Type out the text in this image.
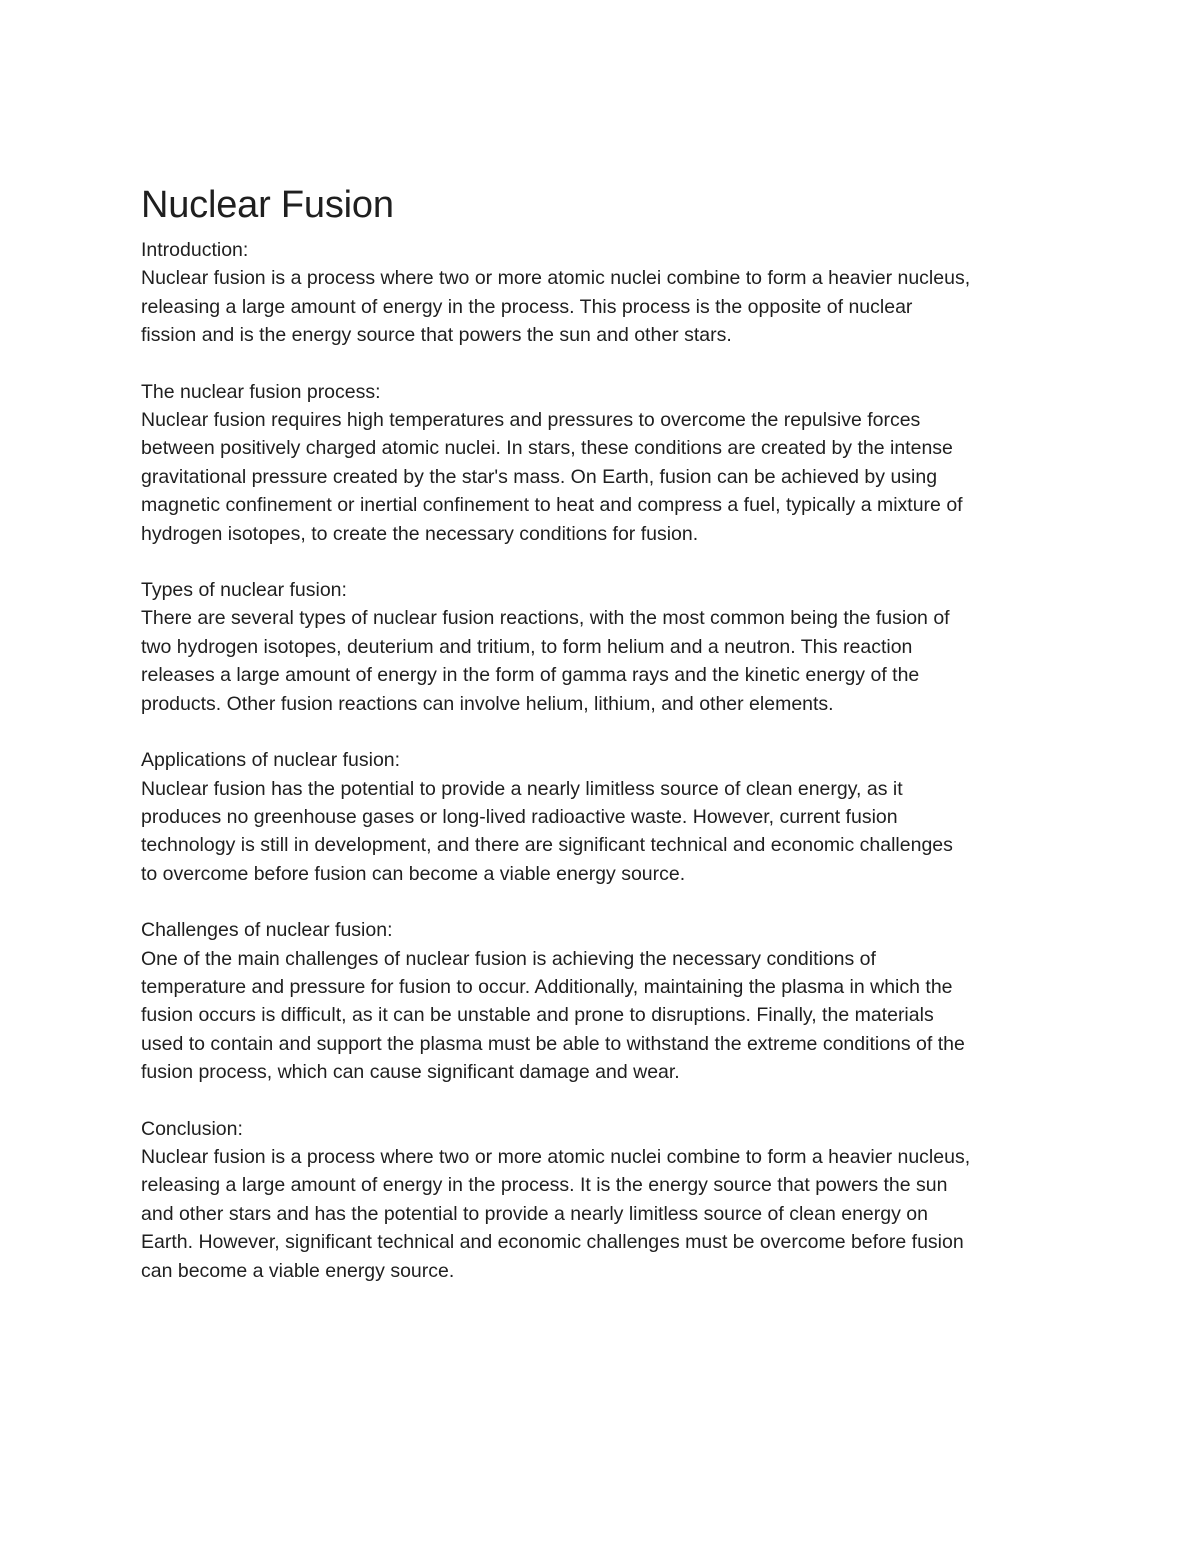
Nuclear Fusion

Introduction:

Nuclear fusion is a process where two or more atomic nuclei combine to form a heavier nucleus,
releasing a large amount of energy in the process. This process is the opposite of nuclear
fission and is the energy source that powers the sun and other stars.

The nuclear fusion process:

Nuclear fusion requires high temperatures and pressures to overcome the repulsive forces
between positively charged atomic nuclei. In stars, these conditions are created by the intense
gravitational pressure created by the star's mass. On Earth, fusion can be achieved by using
magnetic confinement or inertial confinement to heat and compress a fuel, typically a mixture of
hydrogen isotopes, to create the necessary conditions for fusion.

Types of nuclear fusion:

There are several types of nuclear fusion reactions, with the most common being the fusion of
two hydrogen isotopes, deuterium and tritium, to form helium and a neutron. This reaction
releases a large amount of energy in the form of gamma rays and the kinetic energy of the
products. Other fusion reactions can involve helium, lithium, and other elements.

Applications of nuclear fusion:

Nuclear fusion has the potential to provide a nearly limitless source of clean energy, as it
produces no greenhouse gases or long-lived radioactive waste. However, current fusion
technology is still in development, and there are significant technical and economic challenges
to overcome before fusion can become a viable energy source.

Challenges of nuclear fusion:

One of the main challenges of nuclear fusion is achieving the necessary conditions of
temperature and pressure for fusion to occur. Additionally, maintaining the plasma in which the
fusion occurs is difficult, as it can be unstable and prone to disruptions. Finally, the materials
used to contain and support the plasma must be able to withstand the extreme conditions of the
fusion process, which can cause significant damage and wear.

Conclusion:

Nuclear fusion is a process where two or more atomic nuclei combine to form a heavier nucleus,
releasing a large amount of energy in the process. It is the energy source that powers the sun
and other stars and has the potential to provide a nearly limitless source of clean energy on
Earth. However, significant technical and economic challenges must be overcome before fusion
can become a viable energy source.
